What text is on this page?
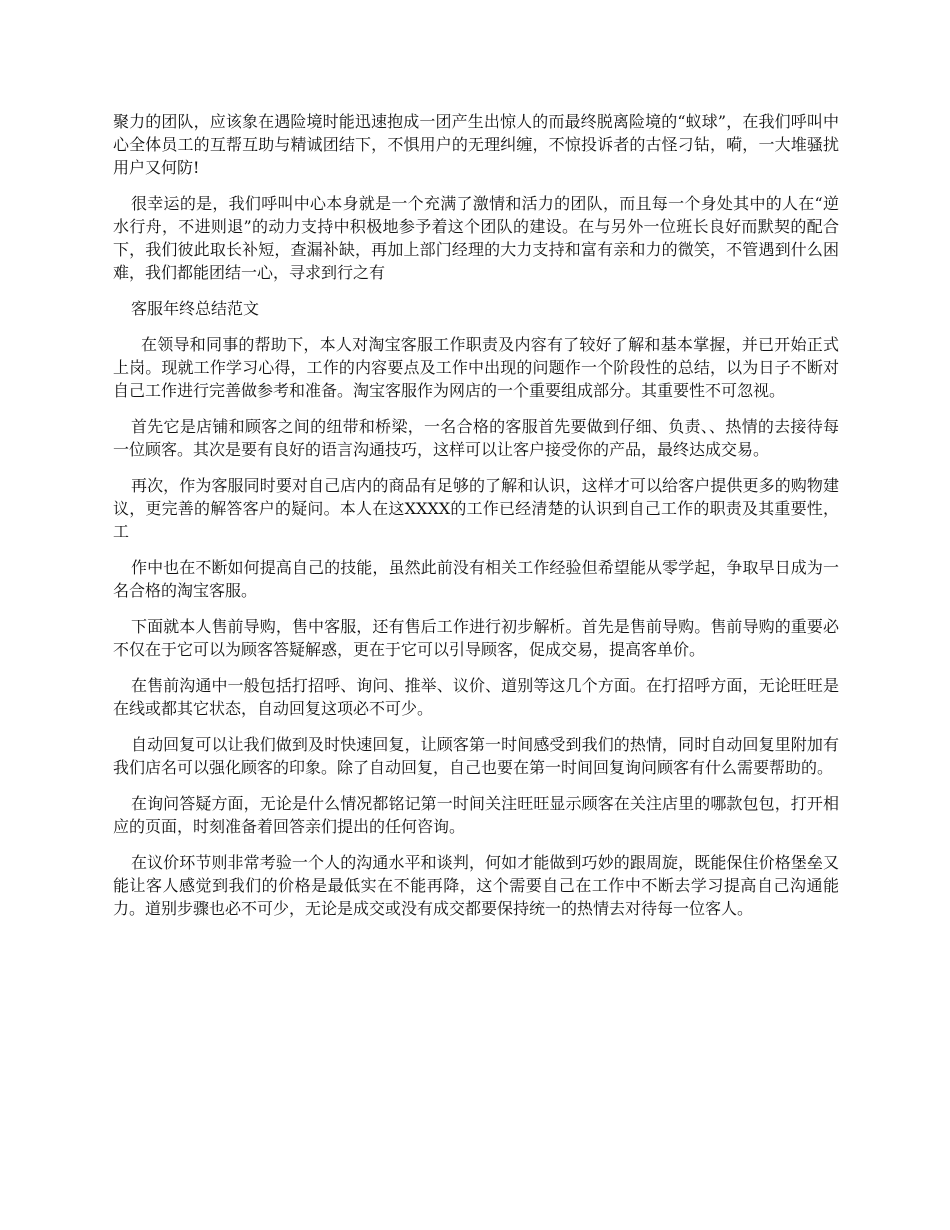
聚力的团队，应该象在遇险境时能迅速抱成一团产生出惊人的而最终脱离险境的“蚁球”，在我们呼叫中心全体员工的互帮互助与精诚团结下，不惧用户的无理纠缠，不惊投诉者的古怪刁钻，嗬，一大堆骚扰用户又何防!

很幸运的是，我们呼叫中心本身就是一个充满了激情和活力的团队，而且每一个身处其中的人在“逆水行舟，不进则退”的动力支持中积极地参予着这个团队的建设。在与另外一位班长良好而默契的配合下，我们彼此取长补短，查漏补缺，再加上部门经理的大力支持和富有亲和力的微笑，不管遇到什么困难，我们都能团结一心，寻求到行之有

客服年终总结范文

在领导和同事的帮助下，本人对淘宝客服工作职责及内容有了较好了解和基本掌握，并已开始正式上岗。现就工作学习心得，工作的内容要点及工作中出现的问题作一个阶段性的总结，以为日子不断对自己工作进行完善做参考和准备。淘宝客服作为网店的一个重要组成部分。其重要性不可忽视。

首先它是店铺和顾客之间的纽带和桥梁，一名合格的客服首先要做到仔细、负责、、热情的去接待每一位顾客。其次是要有良好的语言沟通技巧，这样可以让客户接受你的产品，最终达成交易。

再次，作为客服同时要对自己店内的商品有足够的了解和认识，这样才可以给客户提供更多的购物建议，更完善的解答客户的疑问。本人在这XXXX的工作已经清楚的认识到自己工作的职责及其重要性，工

作中也在不断如何提高自己的技能，虽然此前没有相关工作经验但希望能从零学起，争取早日成为一名合格的淘宝客服。

下面就本人售前导购，售中客服，还有售后工作进行初步解析。首先是售前导购。售前导购的重要必不仅在于它可以为顾客答疑解惑，更在于它可以引导顾客，促成交易，提高客单价。

在售前沟通中一般包括打招呼、询问、推举、议价、道别等这几个方面。在打招呼方面，无论旺旺是在线或都其它状态，自动回复这项必不可少。

自动回复可以让我们做到及时快速回复，让顾客第一时间感受到我们的热情，同时自动回复里附加有我们店名可以强化顾客的印象。除了自动回复，自己也要在第一时间回复询问顾客有什么需要帮助的。

在询问答疑方面，无论是什么情况都铭记第一时间关注旺旺显示顾客在关注店里的哪款包包，打开相应的页面，时刻准备着回答亲们提出的任何咨询。

在议价环节则非常考验一个人的沟通水平和谈判，何如才能做到巧妙的跟周旋，既能保住价格堡垒又能让客人感觉到我们的价格是最低实在不能再降，这个需要自己在工作中不断去学习提高自己沟通能力。道别步骤也必不可少，无论是成交或没有成交都要保持统一的热情去对待每一位客人。
